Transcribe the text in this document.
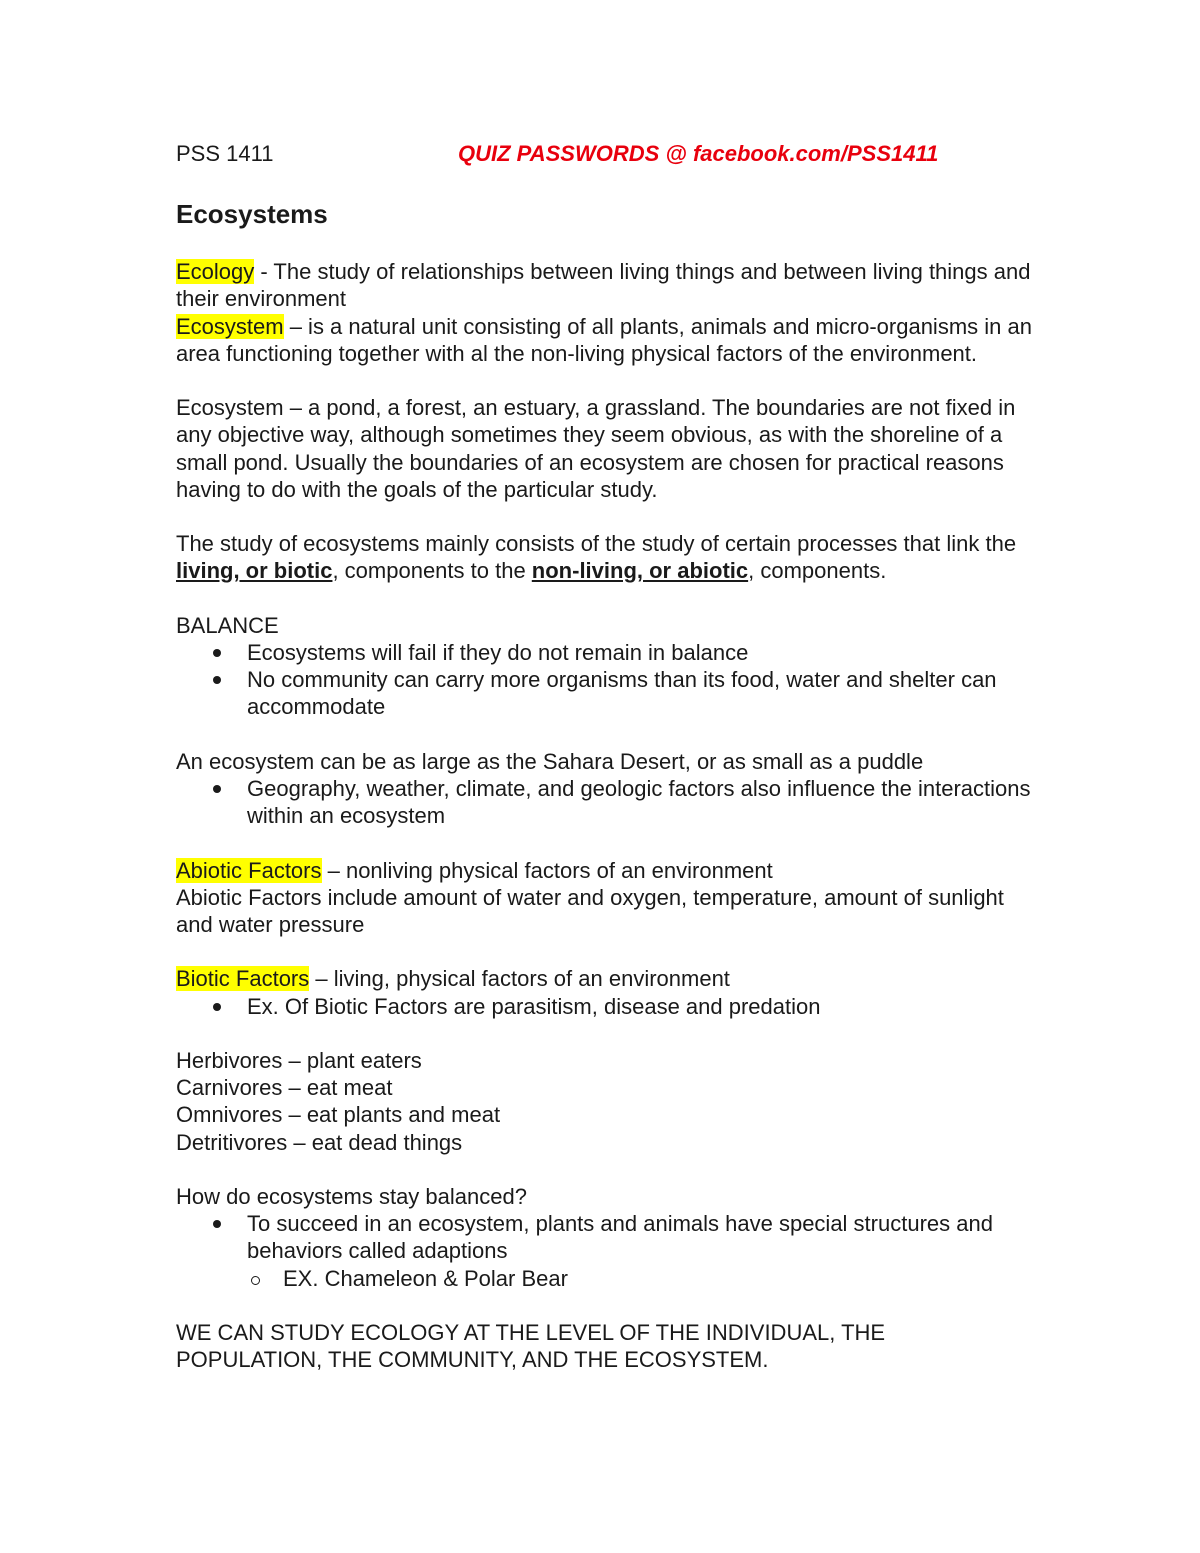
PSS 1411	QUIZ PASSWORDS @ facebook.com/PSS1411
Ecosystems

Ecology - The study of relationships between living things and between living things and their environment

Ecosystem – is a natural unit consisting of all plants, animals and micro-organisms in an area functioning together with al the non-living physical factors of the environment.

Ecosystem – a pond, a forest, an estuary, a grassland. The boundaries are not fixed in any objective way, although sometimes they seem obvious, as with the shoreline of a small pond. Usually the boundaries of an ecosystem are chosen for practical reasons having to do with the goals of the particular study.

The study of ecosystems mainly consists of the study of certain processes that link the living, or biotic, components to the non-living, or abiotic, components.

BALANCE

Ecosystems will fail if they do not remain in balance
No community can carry more organisms than its food, water and shelter can accommodate

An ecosystem can be as large as the Sahara Desert, or as small as a puddle

Geography, weather, climate, and geologic factors also influence the interactions within an ecosystem

Abiotic Factors – nonliving physical factors of an environment

Abiotic Factors include amount of water and oxygen, temperature, amount of sunlight and water pressure

Biotic Factors – living, physical factors of an environment

Ex. Of Biotic Factors are parasitism, disease and predation

Herbivores – plant eaters

Carnivores – eat meat

Omnivores – eat plants and meat

Detritivores – eat dead things

How do ecosystems stay balanced?

To succeed in an ecosystem, plants and animals have special structures and behaviors called adaptions
EX. Chameleon & Polar Bear

WE CAN STUDY ECOLOGY AT THE LEVEL OF THE INDIVIDUAL, THE POPULATION, THE COMMUNITY, AND THE ECOSYSTEM.
